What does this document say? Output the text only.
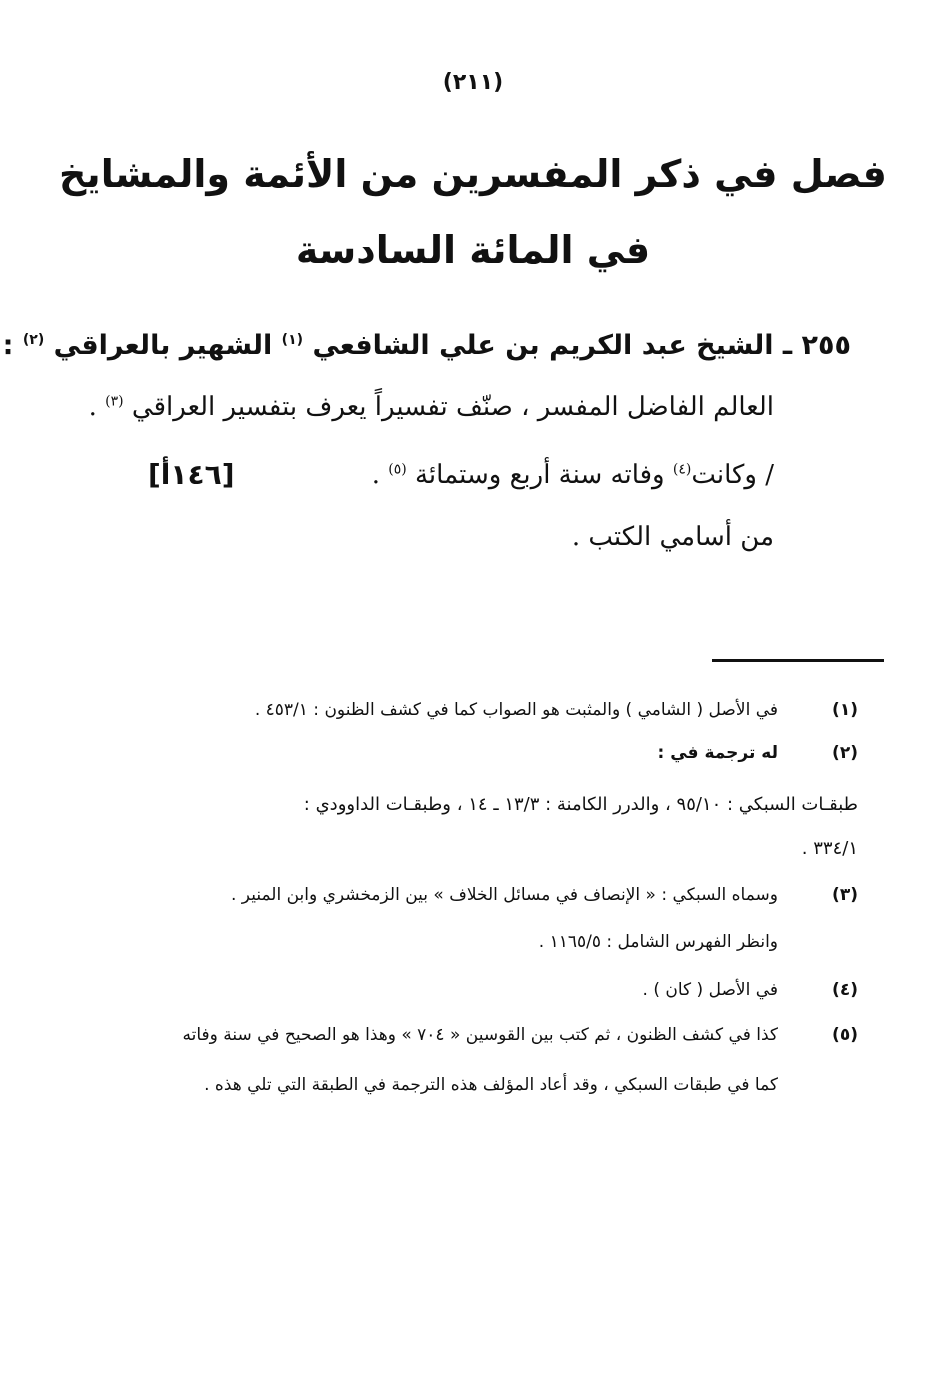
(٢١١)
فصل في ذكر المفسرين من الأئمة والمشايخ
في المائة السادسة
٢٥٥ ـ الشيخ عبد الكريم بن علي الشافعي $^{(١)}$ الشهير بالعراقي $^{(٢)}$ :
العالم الفاضل المفسر ، صنّف تفسيراً يعرف بتفسير العراقي $^{(٣)}$ .
/ وكانت$^{(٤)}$ وفاته سنة أربع وستمائة $^{(٥)}$ .
[١٤٦أ]
من أسامي الكتب .
(١)
في الأصل ( الشامي ) والمثبت هو الصواب كما في كشف الظنون : ٤٥٣/١ .
(٢)
له ترجمة في :
طبقـات السبكي : ٩٥/١٠ ، والدرر الكامنة : ١٣/٣ ـ ١٤ ، وطبقـات الداوودي :
٣٣٤/١ .
(٣)
وسماه السبكي : « الإنصاف في مسائل الخلاف » بين الزمخشري وابن المنير .
وانظر الفهرس الشامل : ١١٦٥/٥ .
(٤)
في الأصل ( كان ) .
(٥)
كذا في كشف الظنون ، ثم كتب بين القوسين « ٧٠٤ » وهذا هو الصحيح في سنة وفاته
كما في طبقات السبكي ، وقد أعاد المؤلف هذه الترجمة في الطبقة التي تلي هذه .
